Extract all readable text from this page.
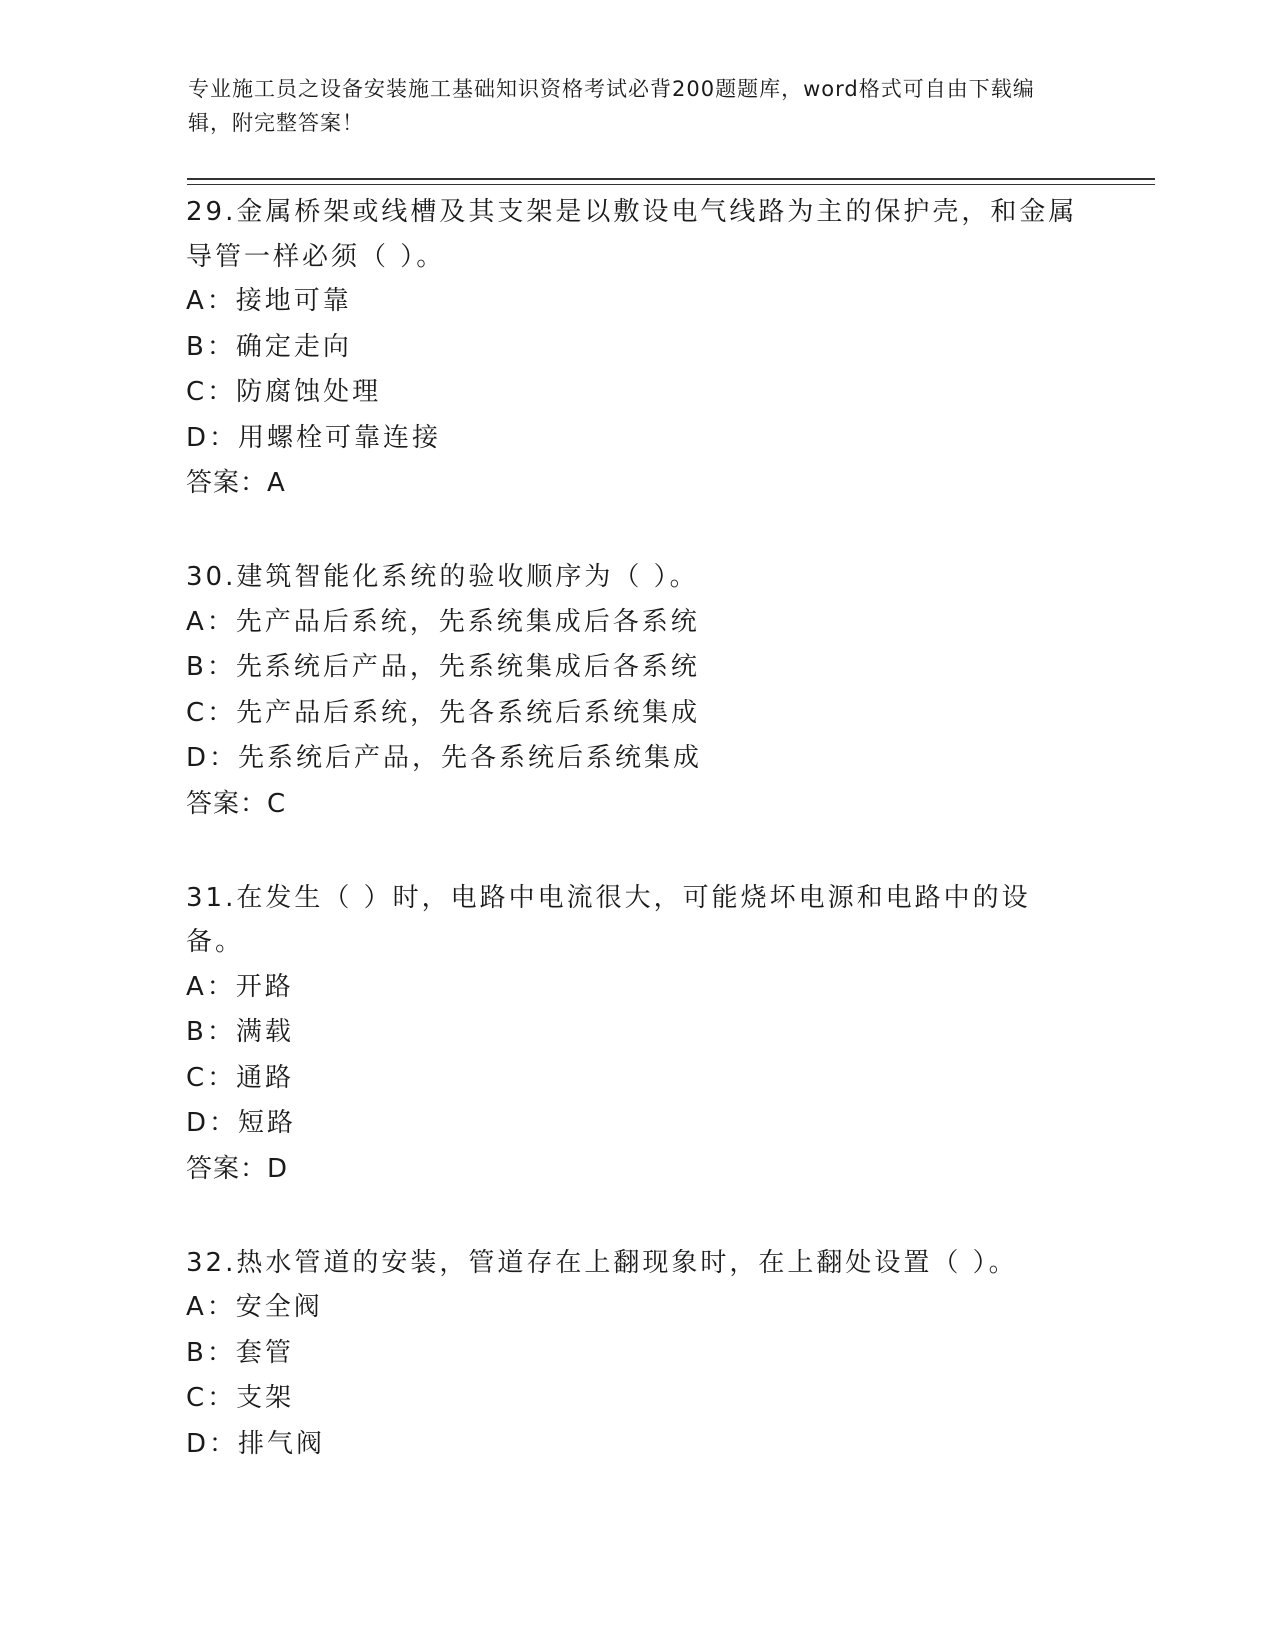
专业施工员之设备安装施工基础知识资格考试必背200题题库，word格式可自由下载编辑，附完整答案！

29.金属桥架或线槽及其支架是以敷设电气线路为主的保护壳，和金属导管一样必须（ ）。

A：接地可靠
B：确定走向
C：防腐蚀处理
D：用螺栓可靠连接
答案：A

30.建筑智能化系统的验收顺序为（ ）。

A：先产品后系统，先系统集成后各系统
B：先系统后产品，先系统集成后各系统
C：先产品后系统，先各系统后系统集成
D：先系统后产品，先各系统后系统集成
答案：C

31.在发生（ ）时，电路中电流很大，可能烧坏电源和电路中的设备。

A：开路
B：满载
C：通路
D：短路
答案：D

32.热水管道的安装，管道存在上翻现象时，在上翻处设置（ ）。

A：安全阀
B：套管
C：支架
D：排气阀
